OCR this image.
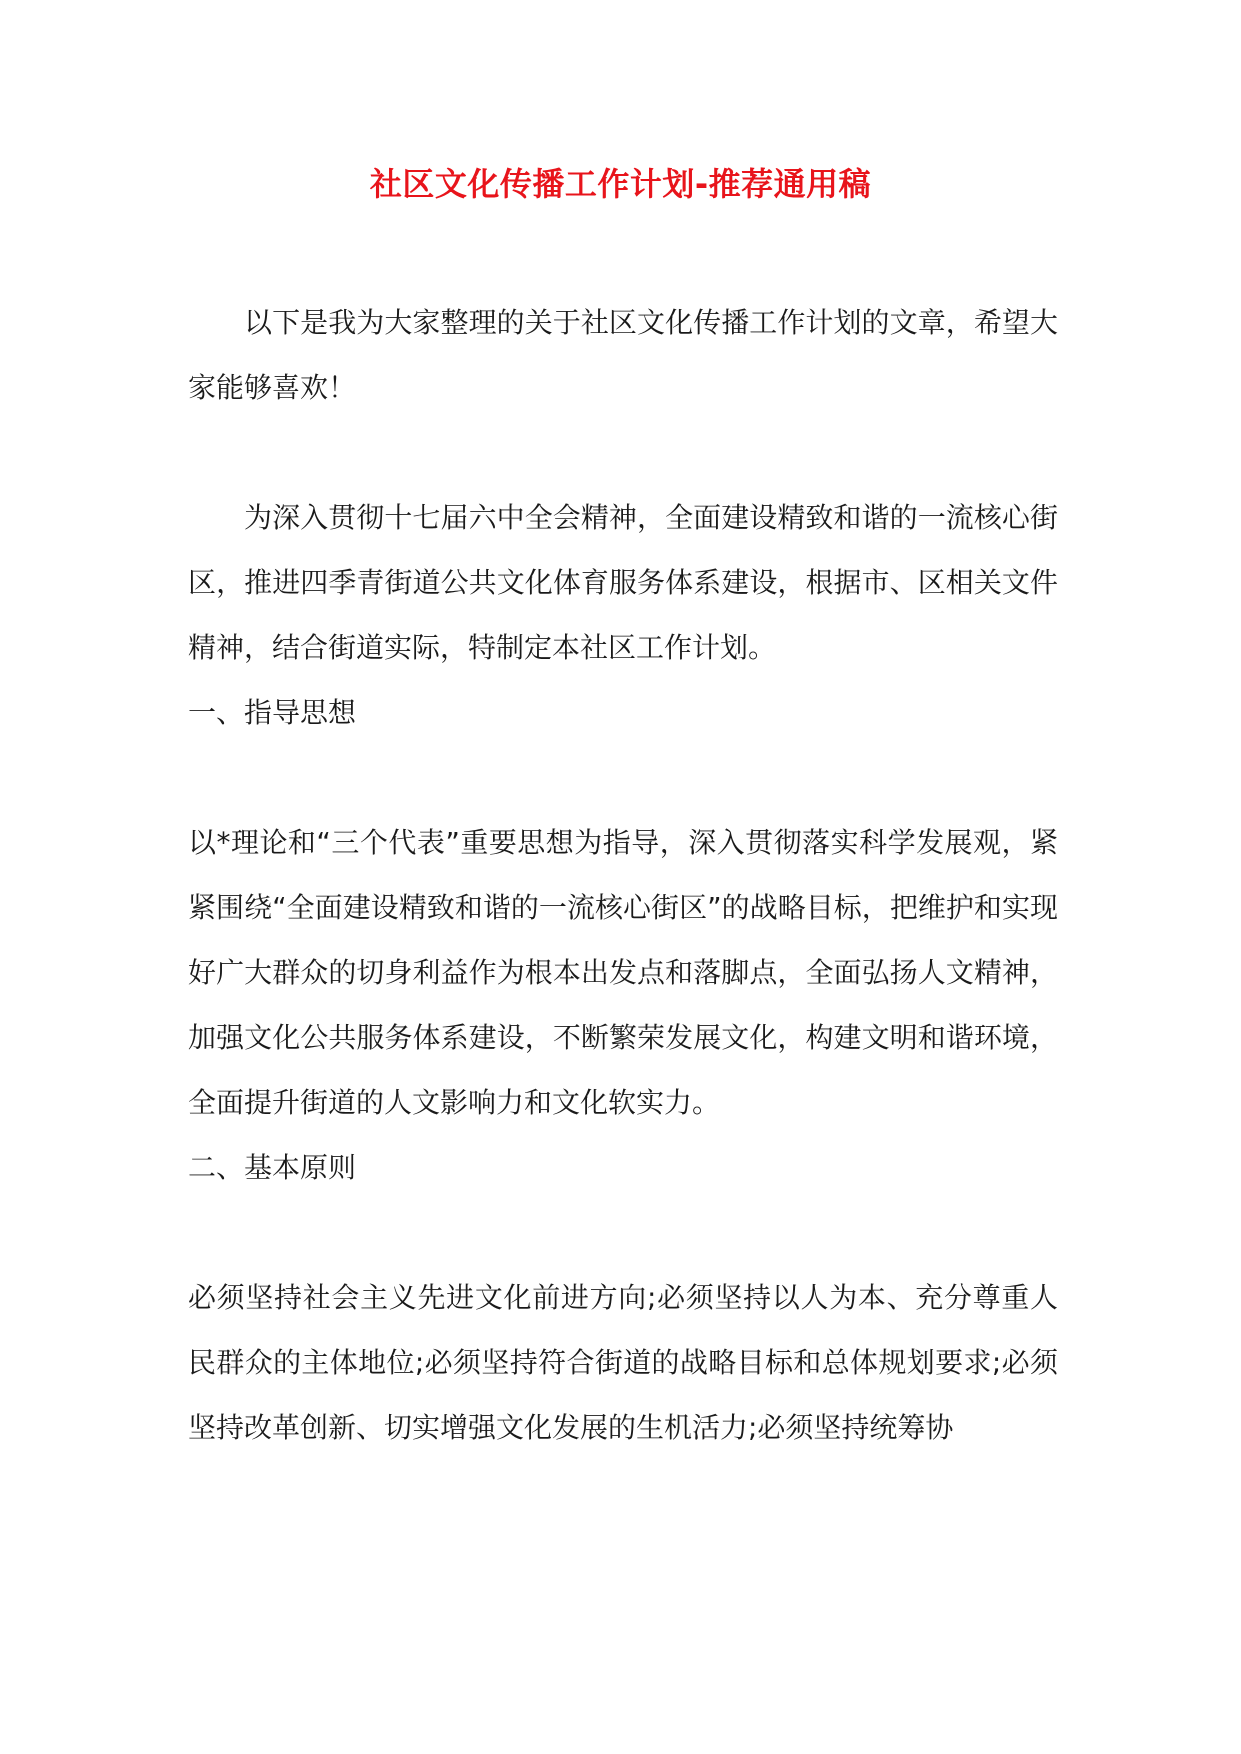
社区文化传播工作计划-推荐通用稿

以下是我为大家整理的关于社区文化传播工作计划的文章，希望大家能够喜欢！

为深入贯彻十七届六中全会精神，全面建设精致和谐的一流核心街区，推进四季青街道公共文化体育服务体系建设，根据市、区相关文件精神，结合街道实际，特制定本社区工作计划。

一、指导思想

以*理论和“三个代表”重要思想为指导，深入贯彻落实科学发展观，紧紧围绕“全面建设精致和谐的一流核心街区”的战略目标，把维护和实现好广大群众的切身利益作为根本出发点和落脚点，全面弘扬人文精神，加强文化公共服务体系建设，不断繁荣发展文化，构建文明和谐环境，全面提升街道的人文影响力和文化软实力。

二、基本原则

必须坚持社会主义先进文化前进方向;必须坚持以人为本、充分尊重人民群众的主体地位;必须坚持符合街道的战略目标和总体规划要求;必须坚持改革创新、切实增强文化发展的生机活力;必须坚持统筹协
